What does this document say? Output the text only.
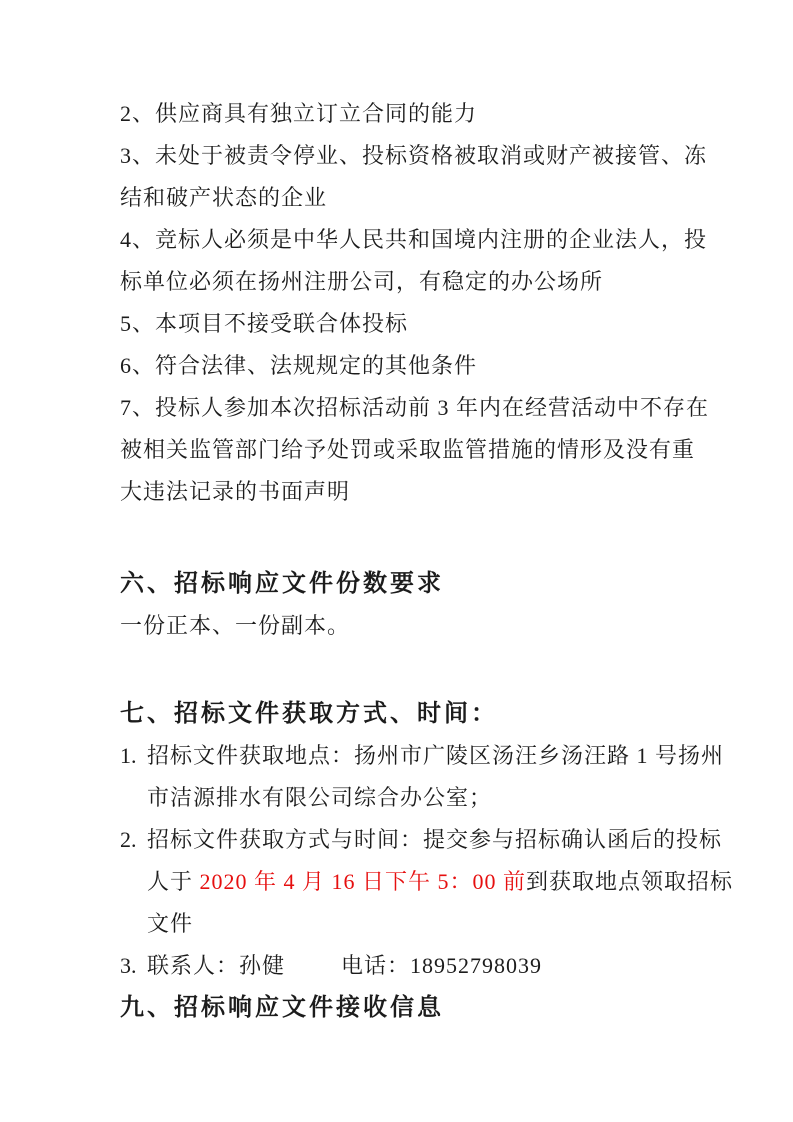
2、供应商具有独立订立合同的能力
3、未处于被责令停业、投标资格被取消或财产被接管、冻
结和破产状态的企业
4、竞标人必须是中华人民共和国境内注册的企业法人，投
标单位必须在扬州注册公司，有稳定的办公场所
5、本项目不接受联合体投标
6、符合法律、法规规定的其他条件
7、投标人参加本次招标活动前 3 年内在经营活动中不存在
被相关监管部门给予处罚或采取监管措施的情形及没有重
大违法记录的书面声明
六、招标响应文件份数要求
一份正本、一份副本。
七、招标文件获取方式、时间：
1. 招标文件获取地点：扬州市广陵区汤汪乡汤汪路 1 号扬州
市洁源排水有限公司综合办公室；
2. 招标文件获取方式与时间：提交参与招标确认函后的投标
人于 2020 年 4 月 16 日下午 5：00 前到获取地点领取招标
文件
3. 联系人：孙健	电话：18952798039
九、招标响应文件接收信息
